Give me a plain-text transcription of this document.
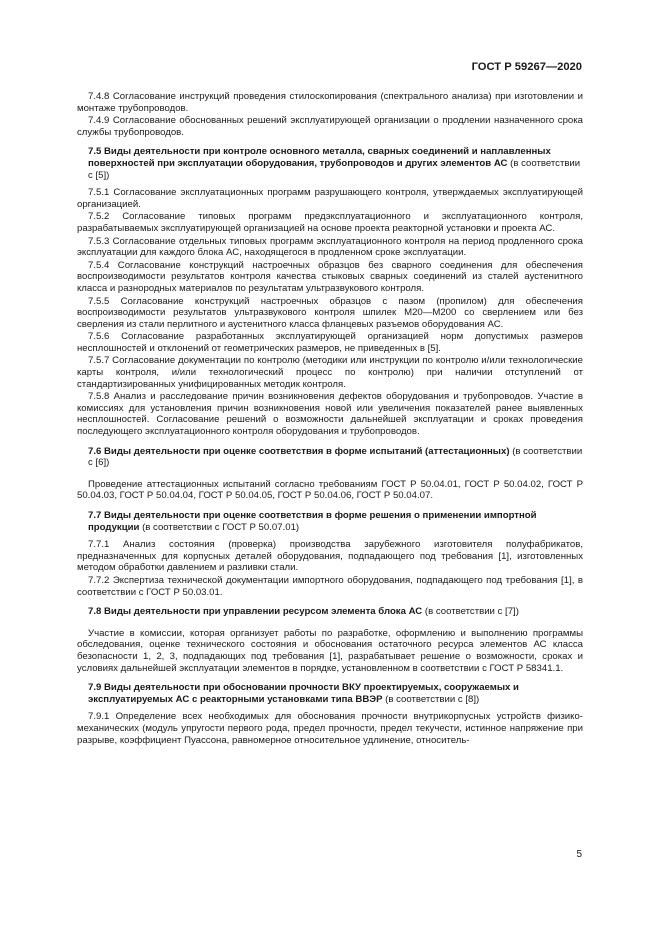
ГОСТ Р 59267—2020

7.4.8 Согласование инструкций проведения стилоскопирования (спектрального анализа) при изготовлении и монтаже трубопроводов.

7.4.9 Согласование обоснованных решений эксплуатирующей организации о продлении назначенного срока службы трубопроводов.

7.5 Виды деятельности при контроле основного металла, сварных соединений и наплавленных поверхностей при эксплуатации оборудования, трубопроводов и других элементов АС (в соответствии с [5])

7.5.1 Согласование эксплуатационных программ разрушающего контроля, утверждаемых эксплуатирующей организацией.

7.5.2 Согласование типовых программ предэксплуатационного и эксплуатационного контроля, разрабатываемых эксплуатирующей организацией на основе проекта реакторной установки и проекта АС.

7.5.3 Согласование отдельных типовых программ эксплуатационного контроля на период продленного срока эксплуатации для каждого блока АС, находящегося в продленном сроке эксплуатации.

7.5.4 Согласование конструкций настроечных образцов без сварного соединения для обеспечения воспроизводимости результатов контроля качества стыковых сварных соединений из сталей аустенитного класса и разнородных материалов по результатам ультразвукового контроля.

7.5.5 Согласование конструкций настроечных образцов с пазом (пропилом) для обеспечения воспроизводимости результатов ультразвукового контроля шпилек М20—М200 со сверлением или без сверления из стали перлитного и аустенитного класса фланцевых разъемов оборудования АС.

7.5.6 Согласование разработанных эксплуатирующей организацией норм допустимых размеров несплошностей и отклонений от геометрических размеров, не приведенных в [5].

7.5.7 Согласование документации по контролю (методики или инструкции по контролю и/или технологические карты контроля, и/или технологический процесс по контролю) при наличии отступлений от стандартизированных унифицированных методик контроля.

7.5.8 Анализ и расследование причин возникновения дефектов оборудования и трубопроводов. Участие в комиссиях для установления причин возникновения новой или увеличения показателей ранее выявленных несплошностей. Согласование решений о возможности дальнейшей эксплуатации и сроках проведения последующего эксплуатационного контроля оборудования и трубопроводов.

7.6 Виды деятельности при оценке соответствия в форме испытаний (аттестационных) (в соответствии с [6])

Проведение аттестационных испытаний согласно требованиям ГОСТ Р 50.04.01, ГОСТ Р 50.04.02, ГОСТ Р 50.04.03, ГОСТ Р 50.04.04, ГОСТ Р 50.04.05, ГОСТ Р 50.04.06, ГОСТ Р 50.04.07.

7.7 Виды деятельности при оценке соответствия в форме решения о применении импортной продукции (в соответствии с ГОСТ Р 50.07.01)

7.7.1 Анализ состояния (проверка) производства зарубежного изготовителя полуфабрикатов, предназначенных для корпусных деталей оборудования, подпадающего под требования [1], изготовленных методом обработки давлением и разливки стали.

7.7.2 Экспертиза технической документации импортного оборудования, подпадающего под требования [1], в соответствии с ГОСТ Р 50.03.01.

7.8 Виды деятельности при управлении ресурсом элемента блока АС (в соответствии с [7])

Участие в комиссии, которая организует работы по разработке, оформлению и выполнению программы обследования, оценке технического состояния и обоснования остаточного ресурса элементов АС класса безопасности 1, 2, 3, подпадающих под требования [1], разрабатывает решение о возможности, сроках и условиях дальнейшей эксплуатации элементов в порядке, установленном в соответствии с ГОСТ Р 58341.1.

7.9 Виды деятельности при обосновании прочности ВКУ проектируемых, сооружаемых и эксплуатируемых АС с реакторными установками типа ВВЭР (в соответствии с [8])

7.9.1 Определение всех необходимых для обоснования прочности внутрикорпусных устройств физико-механических (модуль упругости первого рода, предел прочности, предел текучести, истинное напряжение при разрыве, коэффициент Пуассона, равномерное относительное удлинение, относитель-

5
